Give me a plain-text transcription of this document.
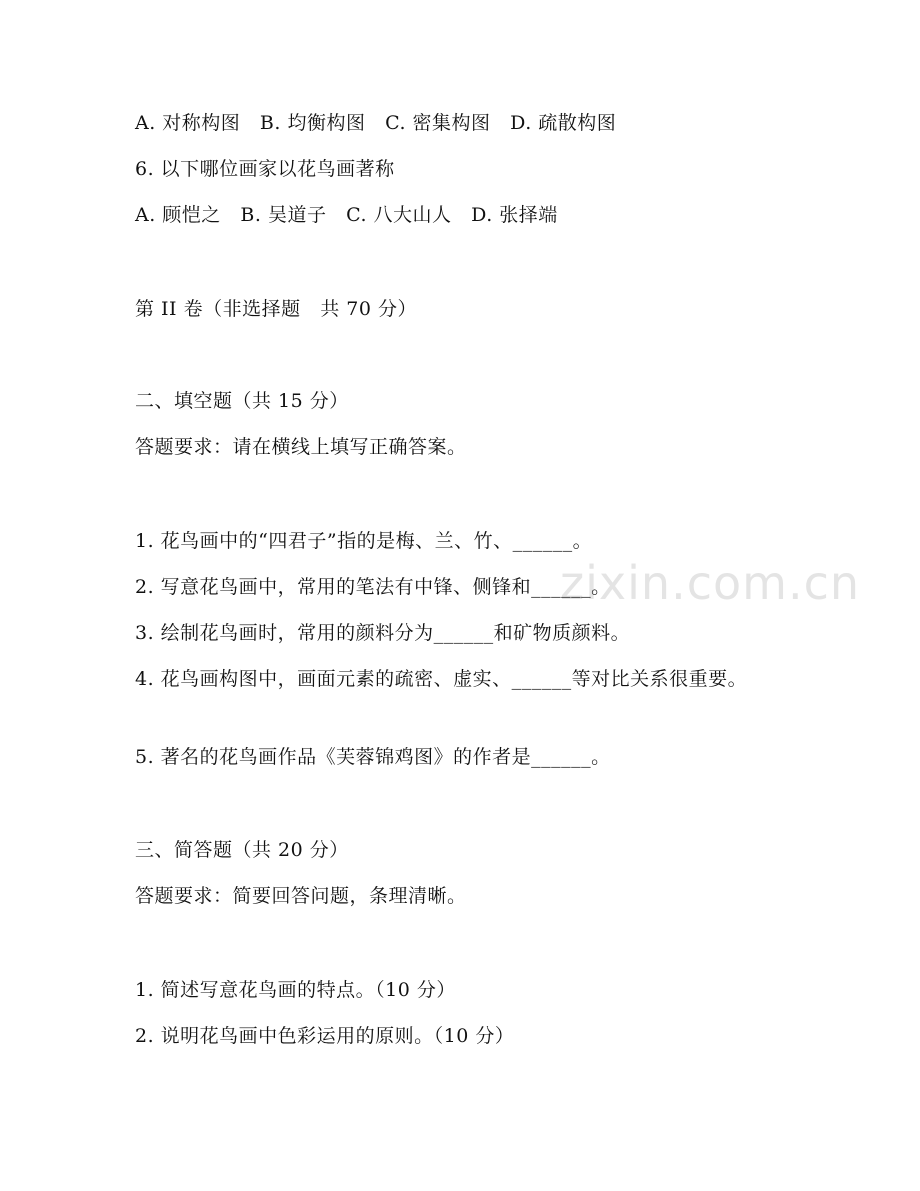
zixin.com.cn
A. 对称构图   B. 均衡构图   C. 密集构图   D. 疏散构图
6. 以下哪位画家以花鸟画著称
A. 顾恺之   B. 吴道子   C. 八大山人   D. 张择端
第 II 卷（非选择题   共 70 分）
二、填空题（共 15 分）
答题要求：请在横线上填写正确答案。
1. 花鸟画中的“四君子”指的是梅、兰、竹、______。
2. 写意花鸟画中，常用的笔法有中锋、侧锋和______。
3. 绘制花鸟画时，常用的颜料分为______和矿物质颜料。
4. 花鸟画构图中，画面元素的疏密、虚实、______等对比关系很重要。
5. 著名的花鸟画作品《芙蓉锦鸡图》的作者是______。
三、简答题（共 20 分）
答题要求：简要回答问题，条理清晰。
1. 简述写意花鸟画的特点。（10 分）
2. 说明花鸟画中色彩运用的原则。（10 分）
